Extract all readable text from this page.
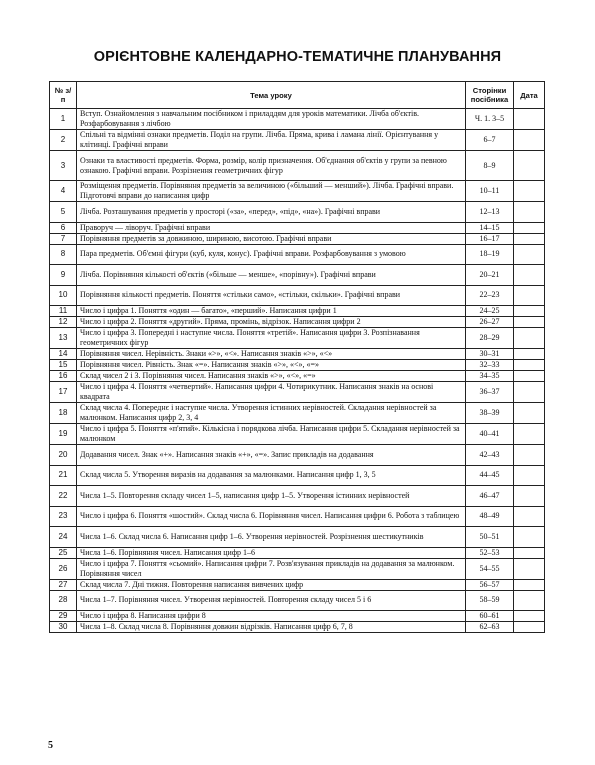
ОРІЄНТОВНЕ КАЛЕНДАРНО-ТЕМАТИЧНЕ ПЛАНУВАННЯ
№ з/п	Тема уроку	Сторінки посібника	Дата
1	Вступ. Ознайомлення з навчальним посібником і приладдям для уроків математики. Лічба об'єктів. Розфарбовування з лічбою	Ч. 1. 3–5	
2	Спільні та відмінні ознаки предметів. Поділ на групи. Лічба. Пряма, крива і ламана лінії. Орієнтування у клітинці. Графічні вправи	6–7	
3	Ознаки та властивості предметів. Форма, розмір, колір призначення. Об'єднання об'єктів у групи за певною ознакою. Графічні вправи. Розрізнення геометричних фігур	8–9	
4	Розміщення предметів. Порівняння предметів за величиною («більший — менший»). Лічба. Графічні вправи. Підготовчі вправи до написання цифр	10–11	
5	Лічба. Розташування предметів у просторі («за», «перед», «під», «на»). Графічні вправи	12–13	
6	Праворуч — ліворуч. Графічні вправи	14–15	
7	Порівняння предметів за довжиною, шириною, висотою. Графічні вправи	16–17	
8	Пара предметів. Об'ємні фігури (куб, куля, конус). Графічні вправи. Розфарбовування з умовою	18–19	
9	Лічба. Порівняння кількості об'єктів («більше — менше», «порівну»). Графічні вправи	20–21	
10	Порівняння кількості предметів. Поняття «стільки само», «стільки, скільки». Графічні вправи	22–23	
11	Число і цифра 1. Поняття «один — багато», «перший». Написання цифри 1	24–25	
12	Число і цифра 2. Поняття «другий». Пряма, промінь, відрізок. Написання цифри 2	26–27	
13	Число і цифра 3. Попередні і наступне числа. Поняття «третій». Написання цифри 3. Розпізнавання геометричних фігур	28–29	
14	Порівняння чисел. Нерівність. Знаки «>», «<». Написання знаків «>», «<»	30–31	
15	Порівняння чисел. Рівність. Знак «=». Написання знаків «>», «<», «=»	32–33	
16	Склад чисел 2 і 3. Порівняння чисел. Написання знаків «>», «<», «=»	34–35	
17	Число і цифра 4. Поняття «четвертий». Написання цифри 4. Чотирикутник. Написання знаків на основі квадрата	36–37	
18	Склад числа 4. Попереднє і наступне числа. Утворення істинних нерівностей. Складання нерівностей за малюнком. Написання цифр 2, 3, 4	38–39	
19	Число і цифра 5. Поняття «п'ятий». Кількісна і порядкова лічба. Написання цифри 5. Складання нерівностей за малюнком	40–41	
20	Додавання чисел. Знак «+». Написання знаків «+», «=». Запис прикладів на додавання	42–43	
21	Склад числа 5. Утворення виразів на додавання за малюнками. Написання цифр 1, 3, 5	44–45	
22	Числа 1–5. Повторення складу чисел 1–5, написання цифр 1–5. Утворення істинних нерівностей	46–47	
23	Число і цифра 6. Поняття «шостий». Склад числа 6. Порівняння чисел. Написання цифри 6. Робота з таблицею	48–49	
24	Числа 1–6. Склад числа 6. Написання цифр 1–6. Утворення нерівностей. Розрізнення шестикутників	50–51	
25	Числа 1–6. Порівняння чисел. Написання цифр 1–6	52–53	
26	Число і цифра 7. Поняття «сьомий». Написання цифри 7. Розв'язування прикладів на додавання за малюнком. Порівняння чисел	54–55	
27	Склад числа 7. Дні тижня. Повторення написання вивчених цифр	56–57	
28	Числа 1–7. Порівняння чисел. Утворення нерівностей. Повторення складу чисел 5 і 6	58–59	
29	Число і цифра 8. Написання цифри 8	60–61	
30	Числа 1–8. Склад числа 8. Порівняння довжин відрізків. Написання цифр 6, 7, 8	62–63	
5
